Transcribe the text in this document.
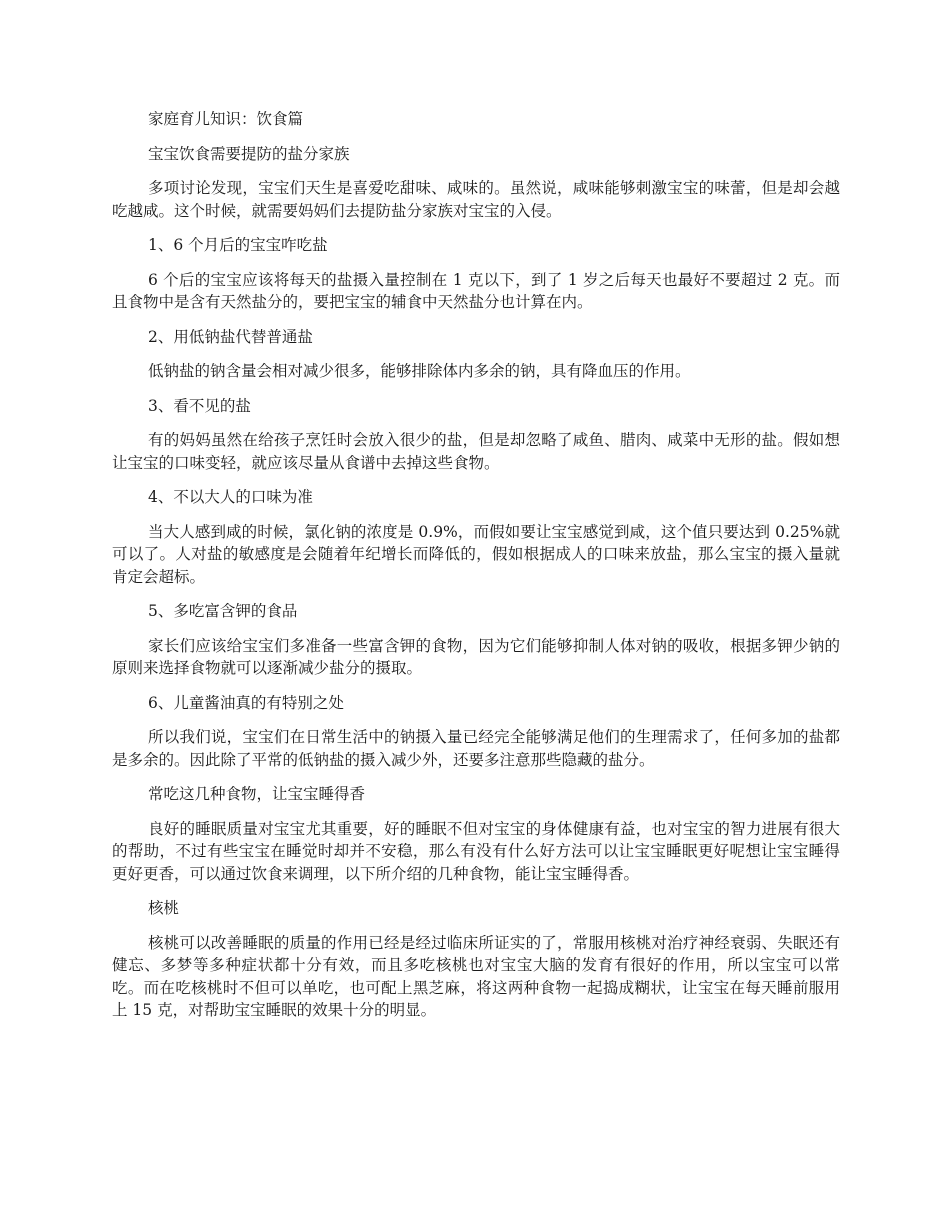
家庭育儿知识：饮食篇

宝宝饮食需要提防的盐分家族

多项讨论发现，宝宝们天生是喜爱吃甜味、咸味的。虽然说，咸味能够刺激宝宝的味蕾，但是却会越吃越咸。这个时候，就需要妈妈们去提防盐分家族对宝宝的入侵。

1、6 个月后的宝宝咋吃盐

6 个后的宝宝应该将每天的盐摄入量控制在 1 克以下，到了 1 岁之后每天也最好不要超过 2 克。而且食物中是含有天然盐分的，要把宝宝的辅食中天然盐分也计算在内。

2、用低钠盐代替普通盐

低钠盐的钠含量会相对减少很多，能够排除体内多余的钠，具有降血压的作用。

3、看不见的盐

有的妈妈虽然在给孩子烹饪时会放入很少的盐，但是却忽略了咸鱼、腊肉、咸菜中无形的盐。假如想让宝宝的口味变轻，就应该尽量从食谱中去掉这些食物。

4、不以大人的口味为准

当大人感到咸的时候，氯化钠的浓度是 0.9%，而假如要让宝宝感觉到咸，这个值只要达到 0.25%就可以了。人对盐的敏感度是会随着年纪增长而降低的，假如根据成人的口味来放盐，那么宝宝的摄入量就肯定会超标。

5、多吃富含钾的食品

家长们应该给宝宝们多准备一些富含钾的食物，因为它们能够抑制人体对钠的吸收，根据多钾少钠的原则来选择食物就可以逐渐减少盐分的摄取。

6、儿童酱油真的有特别之处

所以我们说，宝宝们在日常生活中的钠摄入量已经完全能够满足他们的生理需求了，任何多加的盐都是多余的。因此除了平常的低钠盐的摄入减少外，还要多注意那些隐藏的盐分。

常吃这几种食物，让宝宝睡得香

良好的睡眠质量对宝宝尤其重要，好的睡眠不但对宝宝的身体健康有益，也对宝宝的智力进展有很大的帮助，不过有些宝宝在睡觉时却并不安稳，那么有没有什么好方法可以让宝宝睡眠更好呢想让宝宝睡得更好更香，可以通过饮食来调理，以下所介绍的几种食物，能让宝宝睡得香。

核桃

核桃可以改善睡眠的质量的作用已经是经过临床所证实的了，常服用核桃对治疗神经衰弱、失眠还有健忘、多梦等多种症状都十分有效，而且多吃核桃也对宝宝大脑的发育有很好的作用，所以宝宝可以常吃。而在吃核桃时不但可以单吃，也可配上黑芝麻，将这两种食物一起捣成糊状，让宝宝在每天睡前服用上 15 克，对帮助宝宝睡眠的效果十分的明显。
